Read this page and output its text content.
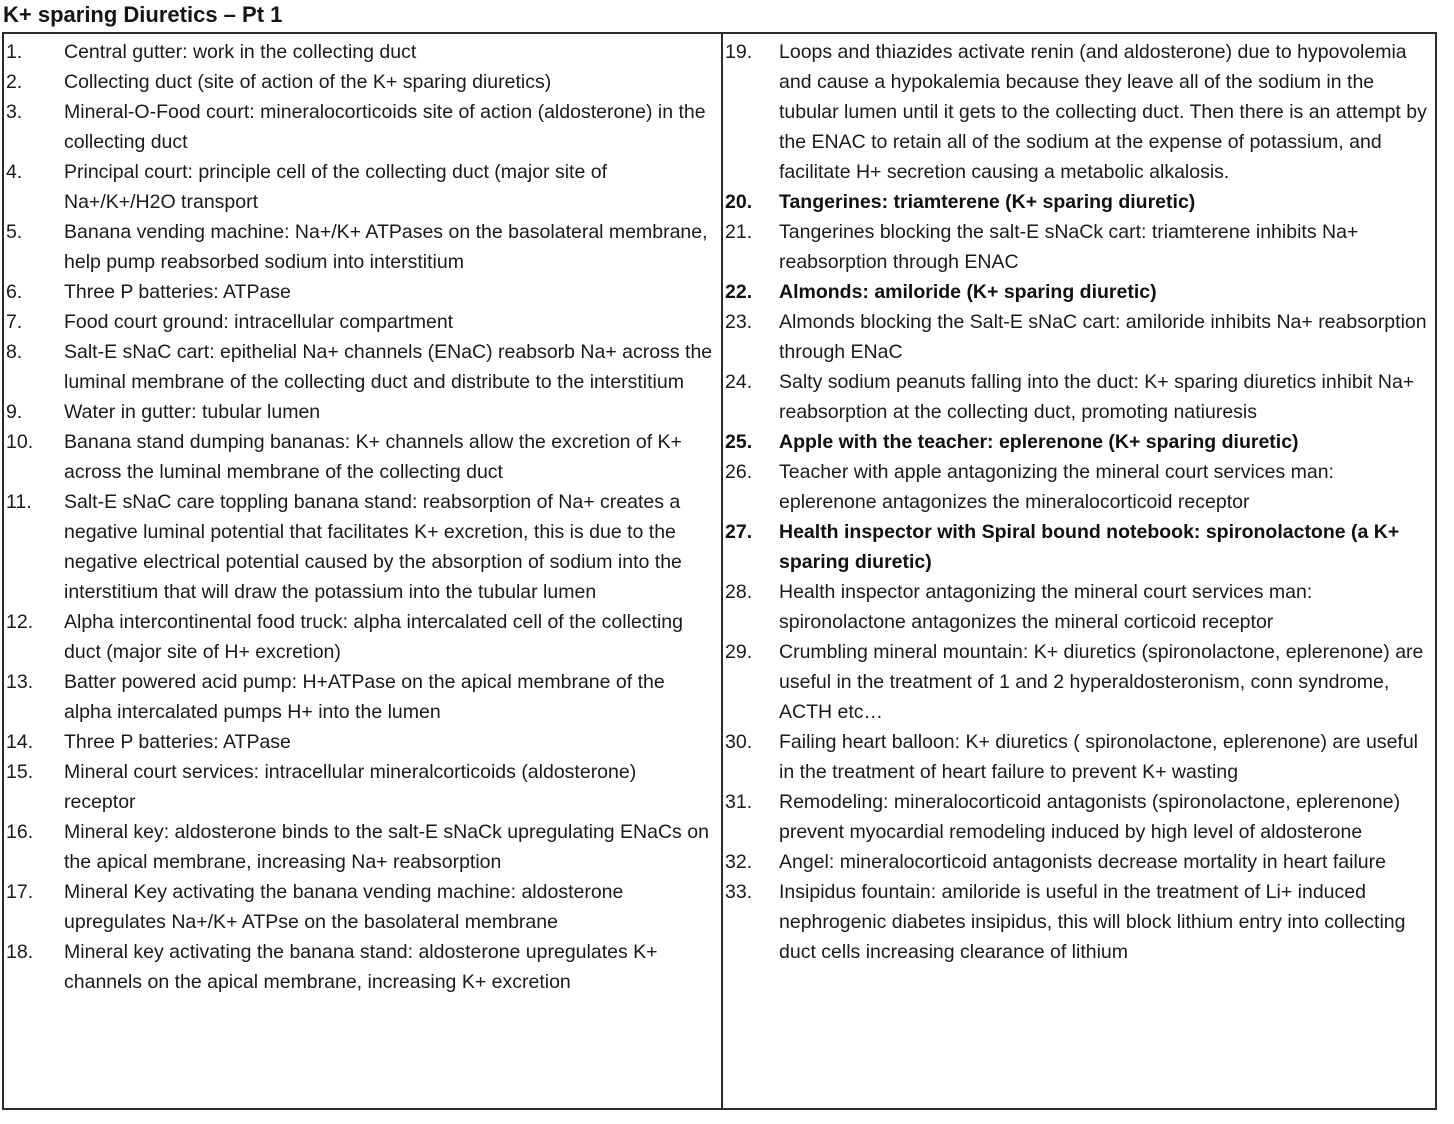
K+ sparing Diuretics – Pt 1
1.	Central gutter: work in the collecting duct
2.	Collecting duct (site of action of the K+ sparing diuretics)
3.	Mineral-O-Food court: mineralocorticoids site of action (aldosterone) in the collecting duct
4.	Principal court: principle cell of the collecting duct (major site of Na+/K+/H2O transport
5.	Banana vending machine: Na+/K+ ATPases on the basolateral membrane, help pump reabsorbed sodium into interstitium
6.	Three P batteries: ATPase
7.	Food court ground: intracellular compartment
8.	Salt-E sNaC cart: epithelial Na+ channels (ENaC) reabsorb Na+ across the luminal membrane of the collecting duct and distribute to the interstitium
9.	Water in gutter: tubular lumen
10.	Banana stand dumping bananas: K+ channels allow the excretion of K+ across the luminal membrane of the collecting duct
11.	Salt-E sNaC care toppling banana stand: reabsorption of Na+ creates a negative luminal potential that facilitates K+ excretion, this is due to the negative electrical potential caused by the absorption of sodium into the interstitium that will draw the potassium into the tubular lumen
12.	Alpha intercontinental food truck: alpha intercalated cell of the collecting duct (major site of H+ excretion)
13.	Batter powered acid pump: H+ATPase on the apical membrane of the alpha intercalated pumps H+ into the lumen
14.	Three P batteries: ATPase
15.	Mineral court services: intracellular mineralcorticoids (aldosterone) receptor
16.	Mineral key: aldosterone binds to the salt-E sNaCk upregulating ENaCs on the apical membrane, increasing Na+ reabsorption
17.	Mineral Key activating the banana vending machine: aldosterone upregulates Na+/K+ ATPse on the basolateral membrane
18.	Mineral key activating the banana stand: aldosterone upregulates K+ channels on the apical membrane, increasing K+ excretion
19.	Loops and thiazides activate renin (and aldosterone) due to hypovolemia and cause a hypokalemia because they leave all of the sodium in the tubular lumen until it gets to the collecting duct. Then there is an attempt by the ENAC to retain all of the sodium at the expense of potassium, and facilitate H+ secretion causing a metabolic alkalosis.
20.	Tangerines: triamterene (K+ sparing diuretic)
21.	Tangerines blocking the salt-E sNaCk cart: triamterene inhibits Na+ reabsorption through ENAC
22.	Almonds: amiloride (K+ sparing diuretic)
23.	Almonds blocking the Salt-E sNaC cart: amiloride inhibits Na+ reabsorption through ENaC
24.	Salty sodium peanuts falling into the duct: K+ sparing diuretics inhibit Na+ reabsorption at the collecting duct, promoting natiuresis
25.	Apple with the teacher: eplerenone (K+ sparing diuretic)
26.	Teacher with apple antagonizing the mineral court services man: eplerenone antagonizes the mineralocorticoid receptor
27.	Health inspector with Spiral bound notebook: spironolactone (a K+ sparing diuretic)
28.	Health inspector antagonizing the mineral court services man: spironolactone antagonizes the mineral corticoid receptor
29.	Crumbling mineral mountain: K+ diuretics (spironolactone, eplerenone) are useful in the treatment of 1 and 2 hyperaldosteronism, conn syndrome, ACTH etc…
30.	Failing heart balloon: K+ diuretics ( spironolactone, eplerenone) are useful in the treatment of heart failure to prevent K+ wasting
31.	Remodeling: mineralocorticoid antagonists (spironolactone, eplerenone) prevent myocardial remodeling induced by high level of aldosterone
32.	Angel: mineralocorticoid antagonists decrease mortality in heart failure
33.	Insipidus fountain: amiloride is useful in the treatment of Li+ induced nephrogenic diabetes insipidus, this will block lithium entry into collecting duct cells increasing clearance of lithium
